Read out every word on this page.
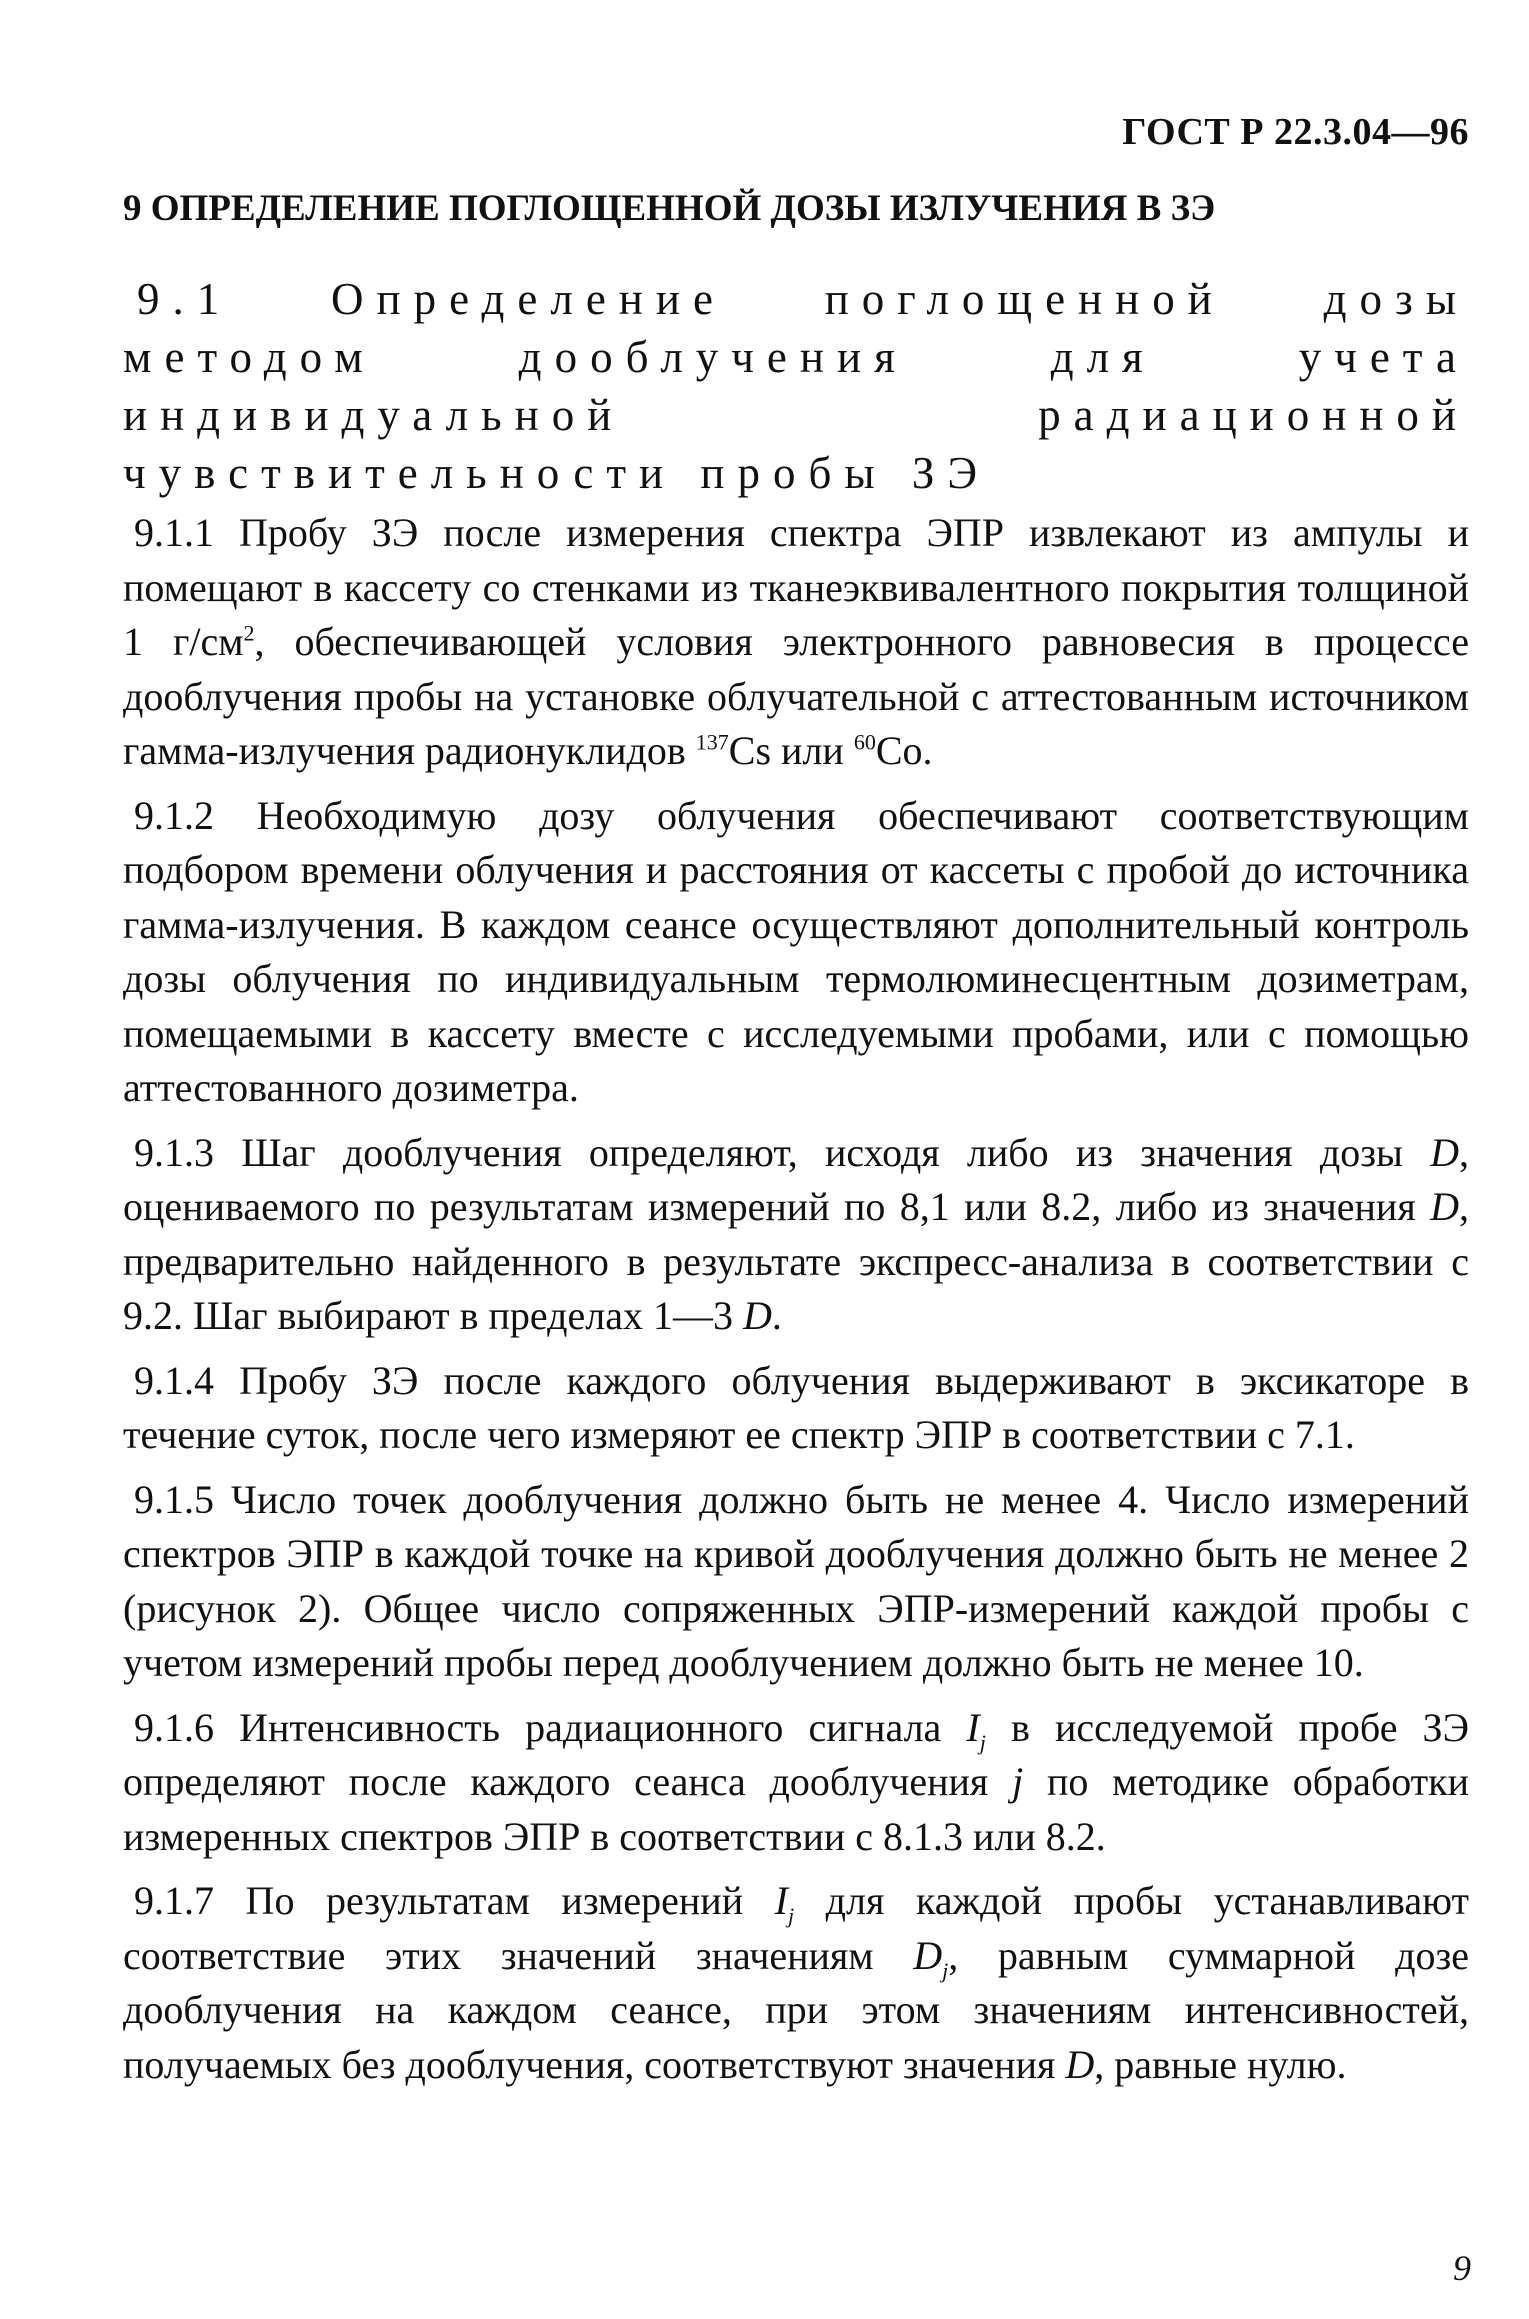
ГОСТ Р 22.3.04—96
9 ОПРЕДЕЛЕНИЕ ПОГЛОЩЕННОЙ ДОЗЫ ИЗЛУЧЕНИЯ В ЗЭ
9.1 Определение поглощенной дозы методом дооблучения для учета индивидуальной радиационной чувствительности пробы ЗЭ

9.1.1 Пробу ЗЭ после измерения спектра ЭПР извлекают из ампулы и помещают в кассету со стенками из тканеэквивалентного покрытия толщиной 1 $г/см^2$, обеспечивающей условия электронного равновесия в процессе дооблучения пробы на установке облучательной с аттестованным источником гамма-излучения радионуклидов $^{137}$Cs или $^{60}$Co.

9.1.2 Необходимую дозу облучения обеспечивают соответствующим подбором времени облучения и расстояния от кассеты с пробой до источника гамма-излучения. В каждом сеансе осуществляют дополнительный контроль дозы облучения по индивидуальным термолюминесцентным дозиметрам, помещаемыми в кассету вместе с исследуемыми пробами, или с помощью аттестованного дозиметра.

9.1.3 Шаг дооблучения определяют, исходя либо из значения дозы D, оцениваемого по результатам измерений по 8,1 или 8.2, либо из значения D, предварительно найденного в результате экспресс-анализа в соответствии с 9.2. Шаг выбирают в пределах 1—3 D.

9.1.4 Пробу ЗЭ после каждого облучения выдерживают в эксикаторе в течение суток, после чего измеряют ее спектр ЭПР в соответствии с 7.1.

9.1.5 Число точек дооблучения должно быть не менее 4. Число измерений спектров ЭПР в каждой точке на кривой дооблучения должно быть не менее 2 (рисунок 2). Общее число сопряженных ЭПР-измерений каждой пробы с учетом измерений пробы перед дооблучением должно быть не менее 10.

9.1.6 Интенсивность радиационного сигнала $I_j$ в исследуемой пробе ЗЭ определяют после каждого сеанса дооблучения j по методике обработки измеренных спектров ЭПР в соответствии с 8.1.3 или 8.2.

9.1.7 По результатам измерений $I_j$ для каждой пробы устанавливают соответствие этих значений значениям $D_j$, равным суммарной дозе дооблучения на каждом сеансе, при этом значениям интенсивностей, получаемых без дооблучения, соответствуют значения D, равные нулю.

9
